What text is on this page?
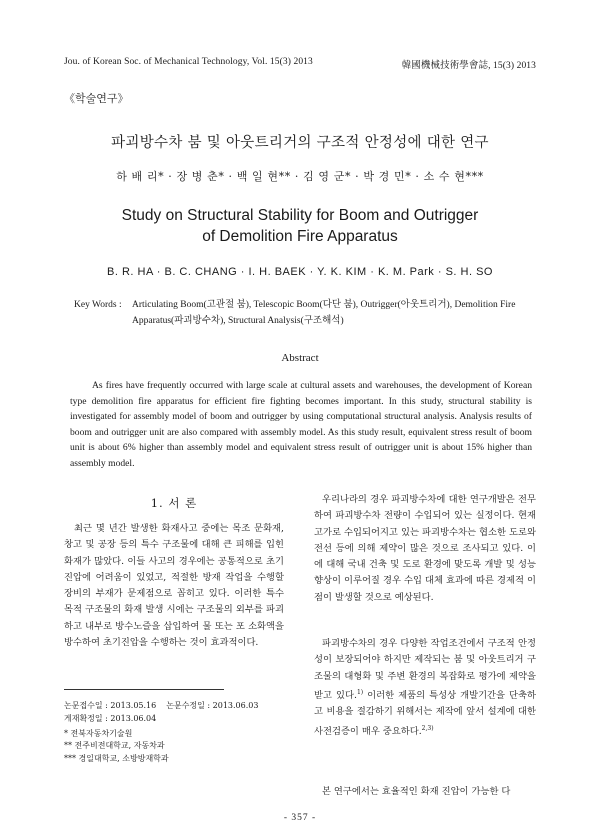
Jou. of Korean Soc. of Mechanical Technology, Vol. 15(3) 2013	韓國機械技術學會誌, 15(3) 2013
《학술연구》
파괴방수차 붐 및 아웃트리거의 구조적 안정성에 대한 연구
하 배 리* · 장 병 춘* · 백 일 현** · 김 영 군* · 박 경 민* · 소 수 현***
Study on Structural Stability for Boom and Outrigger
of Demolition Fire Apparatus
B. R. HA · B. C. CHANG · I. H. BAEK · Y. K. KIM · K. M. Park · S. H. SO
Key Words : Articulating Boom(고관절 붐), Telescopic Boom(다단 붐), Outrigger(아웃트리거), Demolition Fire
Apparatus(파괴방수차), Structural Analysis(구조해석)
Abstract

As fires have frequently occurred with large scale at cultural assets and warehouses, the development of Korean type demolition fire apparatus for efficient fire fighting becomes important. In this study, structural stability is investigated for assembly model of boom and outrigger by using computational structural analysis. Analysis results of boom and outrigger unit are also compared with assembly model. As this study result, equivalent stress result of boom unit is about 6% higher than assembly model and equivalent stress result of outrigger unit is about 15% higher than assembly model.

1. 서 론

최근 몇 년간 발생한 화재사고 중에는 목조 문화재, 창고 및 공장 등의 특수 구조물에 대해 큰 피해를 입힌 화재가 많았다. 이들 사고의 경우에는 공통적으로 초기 진압에 어려움이 있었고, 적절한 방재 작업을 수행할 장비의 부재가 문제점으로 꼽히고 있다. 이러한 특수 목적 구조물의 화재 발생 시에는 구조물의 외부를 파괴하고 내부로 방수노즐을 삽입하여 물 또는 포 소화액을 방수하여 초기진압을 수행하는 것이 효과적이다.

논문접수일 : 2013.05.16 논문수정일 : 2013.06.03
게재확정일 : 2013.06.04
* 전북자동차기술원
** 전주비전대학교, 자동차과
*** 경일대학교, 소방방재학과

우리나라의 경우 파괴방수차에 대한 연구개발은 전무하여 파괴방수차 전량이 수입되어 있는 실정이다. 현재 고가로 수입되어지고 있는 파괴방수차는 협소한 도로와 전선 등에 의해 제약이 많은 것으로 조사되고 있다. 이에 대해 국내 건축 및 도로 환경에 맞도록 개발 및 성능향상이 이루어질 경우 수입 대체 효과에 따른 경제적 이점이 발생할 것으로 예상된다.

파괴방수차의 경우 다양한 작업조건에서 구조적 안정성이 보장되어야 하지만 제작되는 붐 및 아웃트리거 구조물의 대형화 및 주변 환경의 복잡화로 평가에 제약을 받고 있다.$^{1)}$ 이러한 제품의 특성상 개발기간을 단축하고 비용을 절감하기 위해서는 제작에 앞서 설계에 대한 사전검증이 매우 중요하다.$^{2,3)}$

본 연구에서는 효율적인 화재 진압이 가능한 다

- 357 -
